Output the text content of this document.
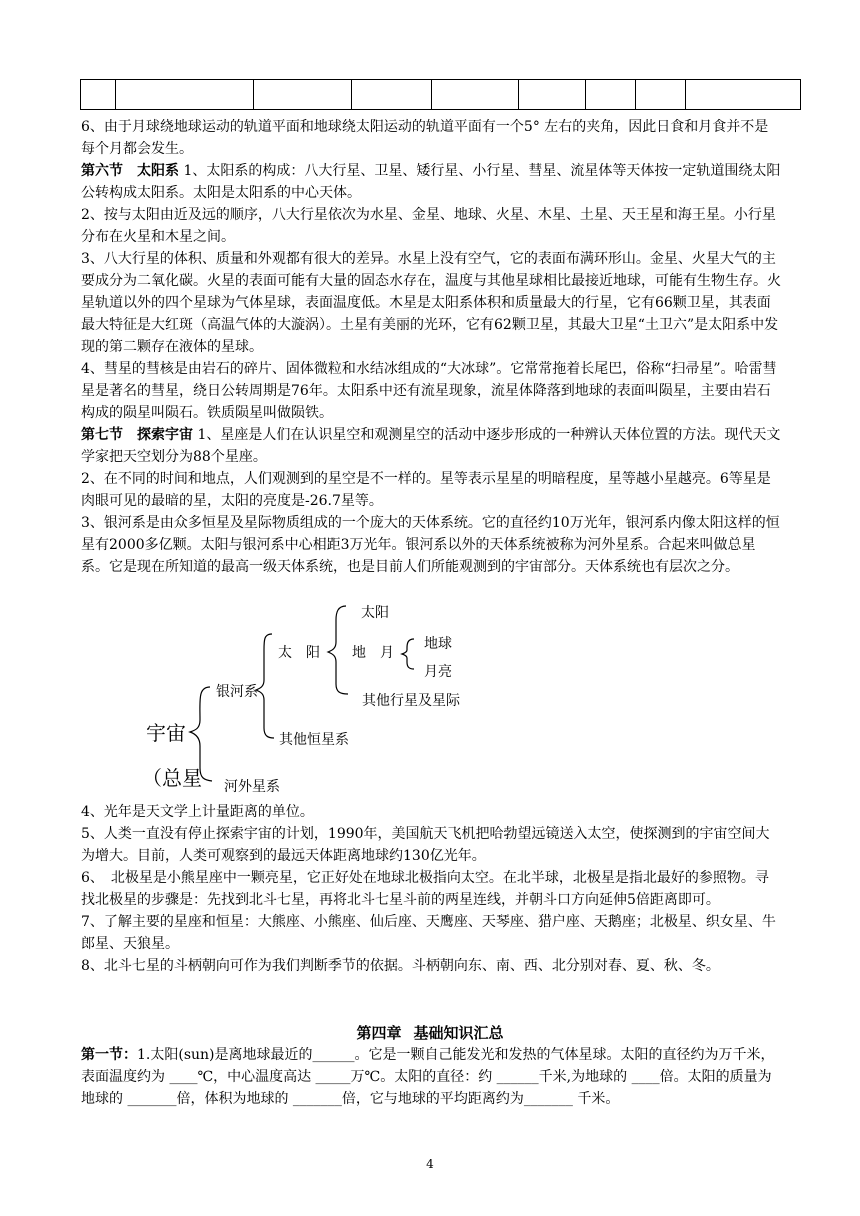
6、由于月球绕地球运动的轨道平面和地球绕太阳运动的轨道平面有一个5° 左右的夹角，因此日食和月食并不是每个月都会发生。

第六节　太阳系 1、太阳系的构成：八大行星、卫星、矮行星、小行星、彗星、流星体等天体按一定轨道围绕太阳公转构成太阳系。太阳是太阳系的中心天体。

2、按与太阳由近及远的顺序，八大行星依次为水星、金星、地球、火星、木星、土星、天王星和海王星。小行星分布在火星和木星之间。

3、八大行星的体积、质量和外观都有很大的差异。水星上没有空气，它的表面布满环形山。金星、火星大气的主要成分为二氧化碳。火星的表面可能有大量的固态水存在，温度与其他星球相比最接近地球，可能有生物生存。火星轨道以外的四个星球为气体星球，表面温度低。木星是太阳系体积和质量最大的行星，它有66颗卫星，其表面最大特征是大红斑（高温气体的大漩涡）。土星有美丽的光环，它有62颗卫星，其最大卫星“土卫六”是太阳系中发现的第二颗存在液体的星球。

4、彗星的彗核是由岩石的碎片、固体微粒和水结冰组成的“大冰球”。它常常拖着长尾巴，俗称“扫帚星”。哈雷彗星是著名的彗星，绕日公转周期是76年。太阳系中还有流星现象，流星体降落到地球的表面叫陨星，主要由岩石构成的陨星叫陨石。铁质陨星叫做陨铁。

第七节　探索宇宙 1、星座是人们在认识星空和观测星空的活动中逐步形成的一种辨认天体位置的方法。现代天文学家把天空划分为88个星座。

2、在不同的时间和地点，人们观测到的星空是不一样的。星等表示星星的明暗程度，星等越小星越亮。6等星是肉眼可见的最暗的星，太阳的亮度是-26.7星等。

3、银河系是由众多恒星及星际物质组成的一个庞大的天体系统。它的直径约10万光年，银河系内像太阳这样的恒星有2000多亿颗。太阳与银河系中心相距3万光年。银河系以外的天体系统被称为河外星系。合起来叫做总星系。它是现在所知道的最高一级天体系统，也是目前人们所能观测到的宇宙部分。天体系统也有层次之分。

太阳
太　阳 地　月
地球
月亮
其他行星及星际
银河系
其他恒星系
宇宙
（总星 河外星系

4、光年是天文学上计量距离的单位。

5、人类一直没有停止探索宇宙的计划，1990年，美国航天飞机把哈勃望远镜送入太空，使探测到的宇宙空间大为增大。目前，人类可观察到的最远天体距离地球约130亿光年。

6、　北极星是小熊星座中一颗亮星，它正好处在地球北极指向太空。在北半球，北极星是指北最好的参照物。寻找北极星的步骤是：先找到北斗七星，再将北斗七星斗前的两星连线，并朝斗口方向延伸5倍距离即可。

7、了解主要的星座和恒星：大熊座、小熊座、仙后座、天鹰座、天琴座、猎户座、天鹅座；北极星、织女星、牛郎星、天狼星。

8、北斗七星的斗柄朝向可作为我们判断季节的依据。斗柄朝向东、南、西、北分别对春、夏、秋、冬。

第四章 基础知识汇总

第一节：1.太阳(sun)是离地球最近的______。它是一颗自己能发光和发热的气体星球。太阳的直径约为万千米，表面温度约为 ____℃，中心温度高达 _____万℃。太阳的直径：约 ______千米,为地球的 ____倍。太阳的质量为地球的 _______倍，体积为地球的 _______倍，它与地球的平均距离约为_______ 千米。

4
